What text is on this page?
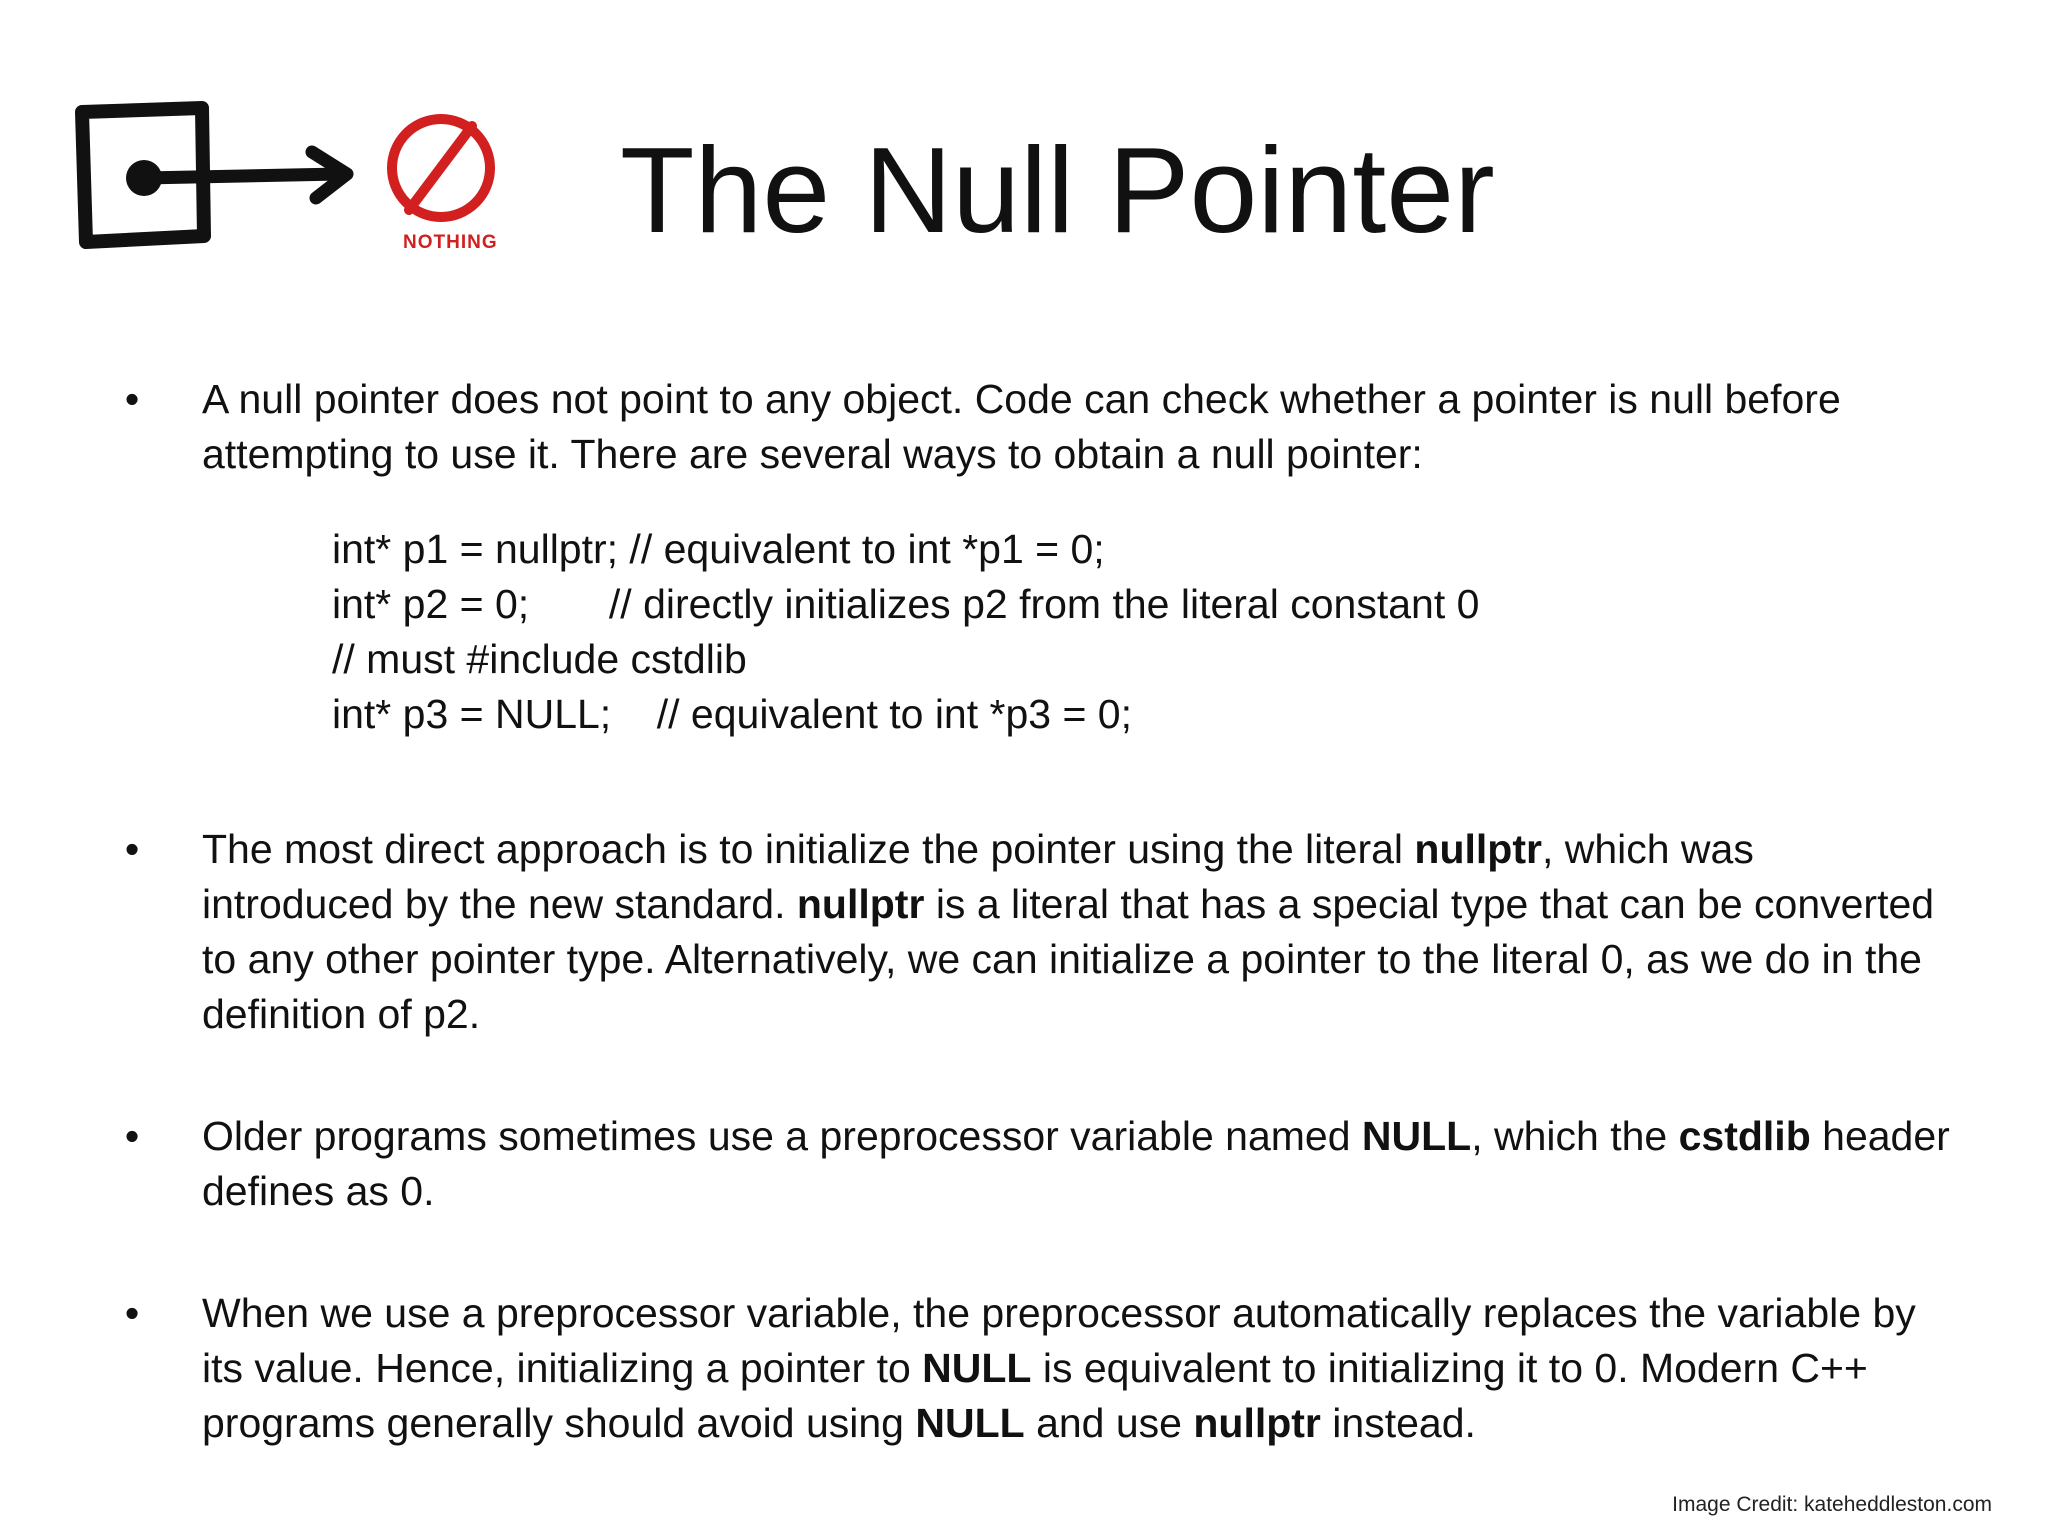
NOTHING The Null Pointer

• A null pointer does not point to any object. Code can check whether a pointer is null before attempting to use it. There are several ways to obtain a null pointer:

int* p1 = nullptr; // equivalent to int *p1 = 0;
int* p2 = 0;       // directly initializes p2 from the literal constant 0
// must #include cstdlib
int* p3 = NULL;    // equivalent to int *p3 = 0;

• The most direct approach is to initialize the pointer using the literal nullptr, which was introduced by the new standard. nullptr is a literal that has a special type that can be converted to any other pointer type. Alternatively, we can initialize a pointer to the literal 0, as we do in the definition of p2.

• Older programs sometimes use a preprocessor variable named NULL, which the cstdlib header defines as 0.

• When we use a preprocessor variable, the preprocessor automatically replaces the variable by its value. Hence, initializing a pointer to NULL is equivalent to initializing it to 0. Modern C++ programs generally should avoid using NULL and use nullptr instead.

Image Credit: kateheddleston.com
